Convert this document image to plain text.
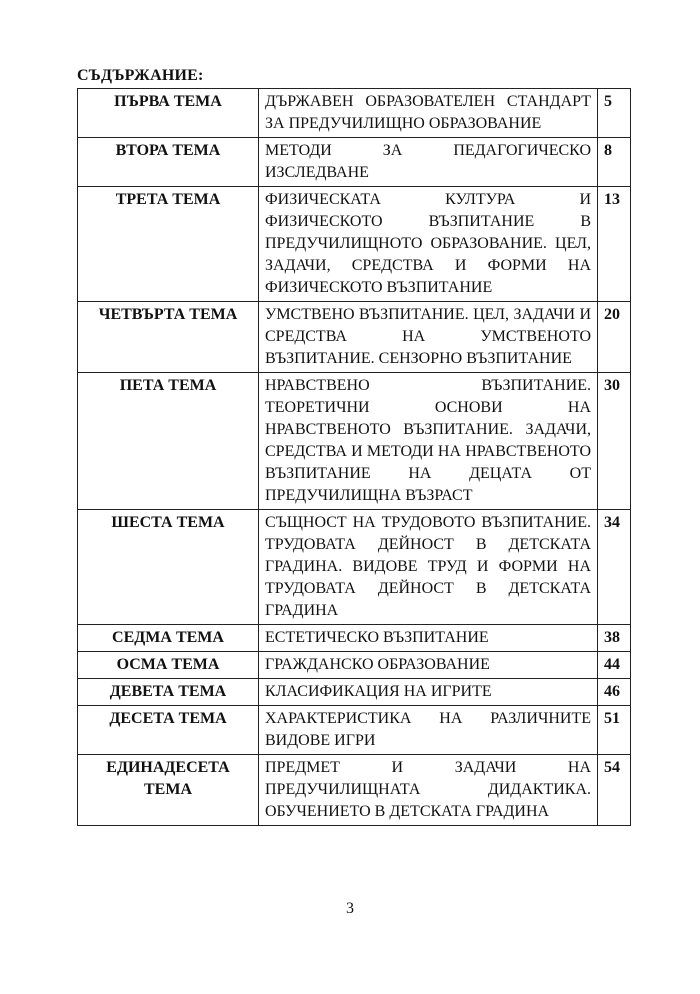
СЪДЪРЖАНИЕ:
ПЪРВА ТЕМА	ДЪРЖАВЕН ОБРАЗОВАТЕЛЕН СТАНДАРТ ЗА ПРЕДУЧИЛИЩНО ОБРАЗОВАНИЕ	5
ВТОРА ТЕМА	МЕТОДИ ЗА ПЕДАГОГИЧЕСКО ИЗСЛЕДВАНЕ	8
ТРЕТА ТЕМА	ФИЗИЧЕСКАТА КУЛТУРА И ФИЗИЧЕСКОТО ВЪЗПИТАНИЕ В ПРЕДУЧИЛИЩНОТО ОБРАЗОВАНИЕ. ЦЕЛ, ЗАДАЧИ, СРЕДСТВА И ФОРМИ НА ФИЗИЧЕСКОТО ВЪЗПИТАНИЕ	13
ЧЕТВЪРТА ТЕМА	УМСТВЕНО ВЪЗПИТАНИЕ. ЦЕЛ, ЗАДАЧИ И СРЕДСТВА НА УМСТВЕНОТО ВЪЗПИТАНИЕ. СЕНЗОРНО ВЪЗПИТАНИЕ	20
ПЕТА ТЕМА	НРАВСТВЕНО ВЪЗПИТАНИЕ. ТЕОРЕТИЧНИ ОСНОВИ НА НРАВСТВЕНОТО ВЪЗПИТАНИЕ. ЗАДАЧИ, СРЕДСТВА И МЕТОДИ НА НРАВСТВЕНОТО ВЪЗПИТАНИЕ НА ДЕЦАТА ОТ ПРЕДУЧИЛИЩНА ВЪЗРАСТ	30
ШЕСТА ТЕМА	СЪЩНОСТ НА ТРУДОВОТО ВЪЗПИТАНИЕ. ТРУДОВАТА ДЕЙНОСТ В ДЕТСКАТА ГРАДИНА. ВИДОВЕ ТРУД И ФОРМИ НА ТРУДОВАТА ДЕЙНОСТ В ДЕТСКАТА ГРАДИНА	34
СЕДМА ТЕМА	ЕСТЕТИЧЕСКО ВЪЗПИТАНИЕ	38
ОСМА ТЕМА	ГРАЖДАНСКО ОБРАЗОВАНИЕ	44
ДЕВЕТА ТЕМА	КЛАСИФИКАЦИЯ НА ИГРИТЕ	46
ДЕСЕТА ТЕМА	ХАРАКТЕРИСТИКА НА РАЗЛИЧНИТЕ ВИДОВЕ ИГРИ	51
ЕДИНАДЕСЕТА ТЕМА	ПРЕДМЕТ И ЗАДАЧИ НА ПРЕДУЧИЛИЩНАТА ДИДАКТИКА. ОБУЧЕНИЕТО В ДЕТСКАТА ГРАДИНА	54
3
